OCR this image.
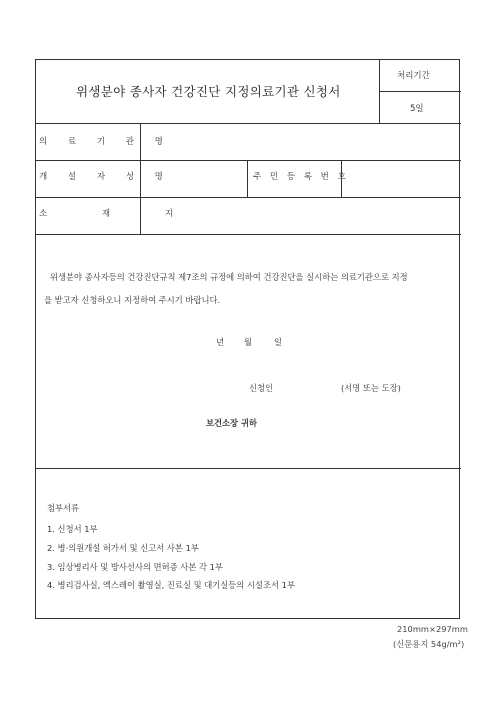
위생분야 종사자 건강진단 지정의료기관 신청서
처리기간
5일
의 료 기 관 명
개 설 자 성 명	주 민 등 록 번 호
소 재 지
위생분야 종사자등의 건강진단규칙 제7조의 규정에 의하여 건강진단을 실시하는 의료기관으로 지정
을 받고자 신청하오니 지정하여 주시기 바랍니다.
년 월	일
신청인	(서명 또는 도장)
보건소장 귀하
첨부서류
1. 신청서 1부
2. 병·의원개설 허가서 및 신고서 사본 1부
3. 임상병리사 및 방사선사의 면허증 사본 각 1부
4. 병리검사실, 엑스레이 촬영실, 진료실 및 대기실등의 시설조서 1부
210mm×297mm
(신문용지 54g/m²)
